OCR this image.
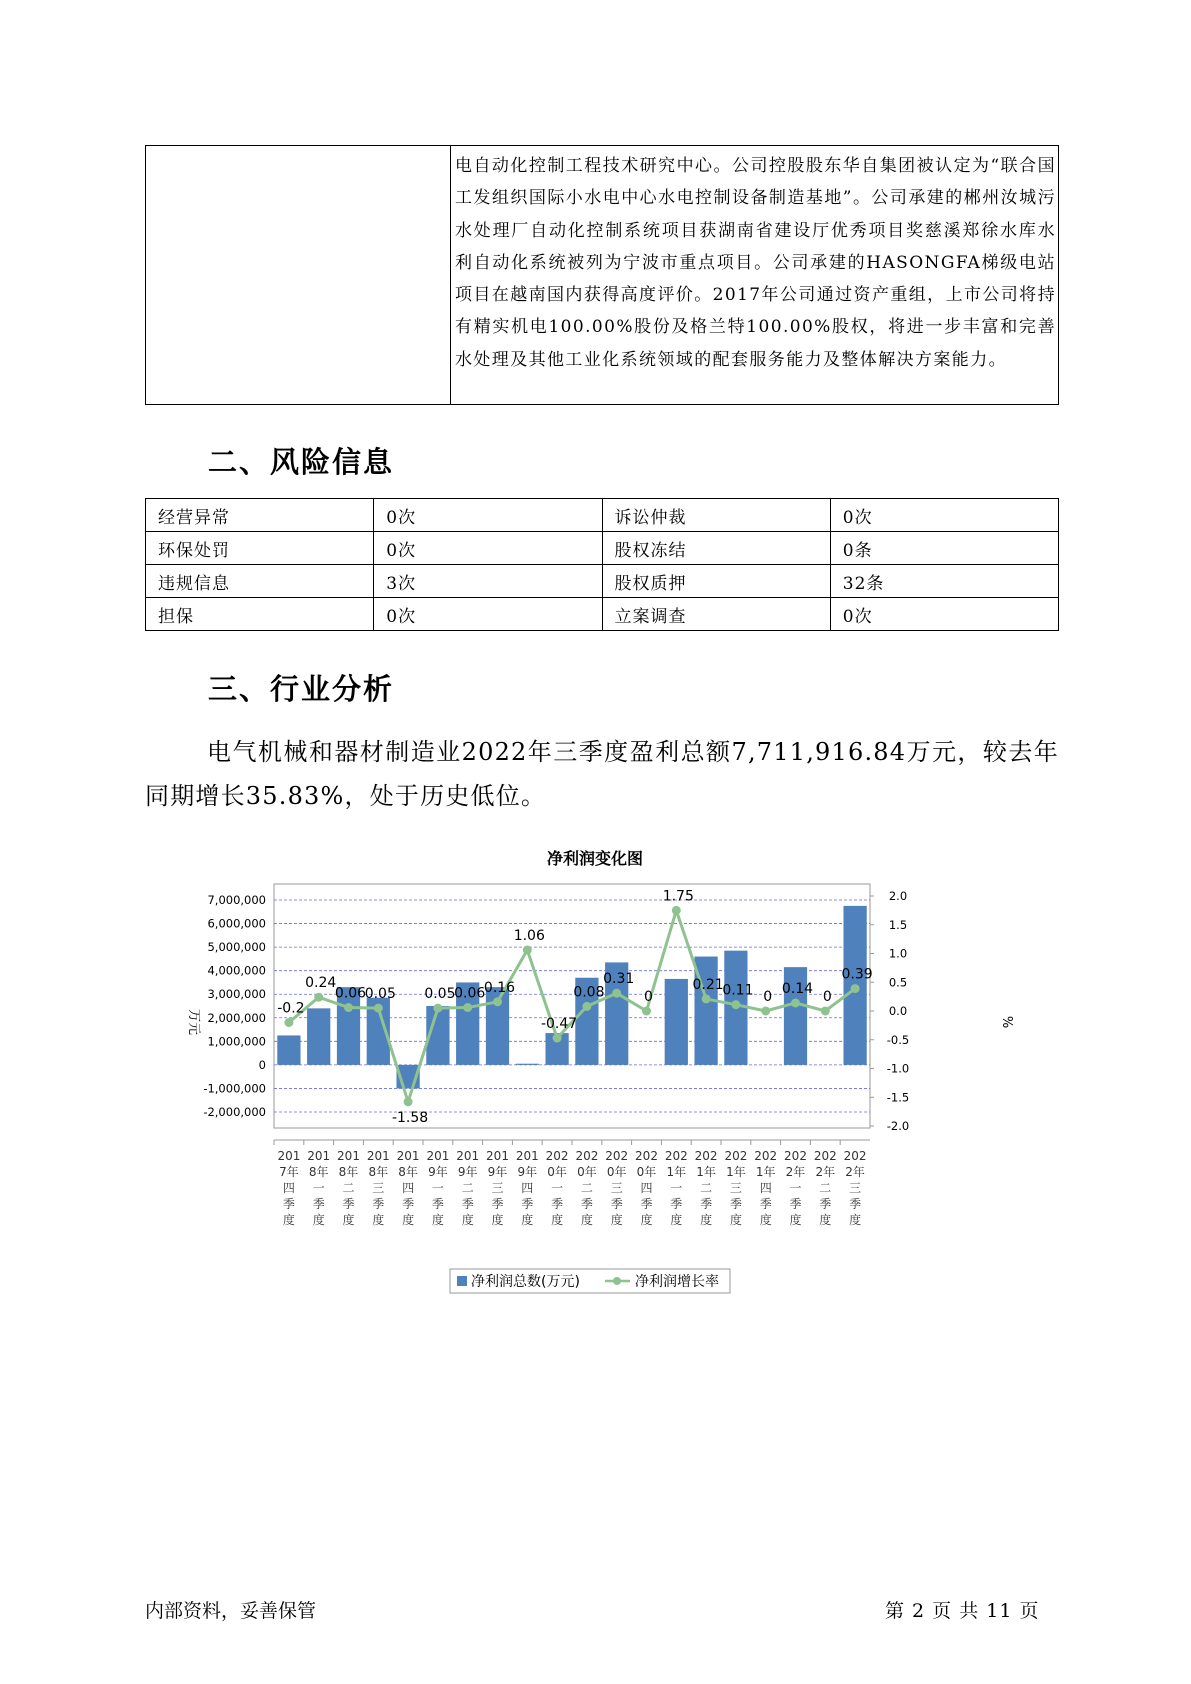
电自动化控制工程技术研究中心。公司控股股东华自集团被认定为“联合国工发组织国际小水电中心水电控制设备制造基地”。公司承建的郴州汝城污水处理厂自动化控制系统项目获湖南省建设厅优秀项目奖慈溪郑徐水库水利自动化系统被列为宁波市重点项目。公司承建的HASONGFA梯级电站项目在越南国内获得高度评价。2017年公司通过资产重组，上市公司将持有精实机电100.00%股份及格兰特100.00%股权，将进一步丰富和完善水处理及其他工业化系统领域的配套服务能力及整体解决方案能力。
二、风险信息
经营异常	0次	诉讼仲裁	0次
环保处罚	0次	股权冻结	0条
违规信息	3次	股权质押	32条
担保	0次	立案调查	0次
三、行业分析
电气机械和器材制造业2022年三季度盈利总额7,711,916.84万元，较去年同期增长35.83%，处于历史低位。
净利润变化图
-0.2
0.24
0.06
0.05
-1.58
0.05
0.06
0.16
1.06
-0.47
0.08
0.31
0
1.75
0.21
0.11 0
0.14
0
0.39
7,000,000
6,000,000
5,000,000
4,000,000
3,000,000
2,000,000
1,000,000
0
-1,000,000
-2,000,000
2.0
1.5
1.0
0.5
0.0
-0.5
-1.0
-1.5
-2.0
201
7年
四
季
度
201
8年
一
季
度
201
8年
二
季
度
201
8年
三
季
度
201
8年
四
季
度
201
9年
一
季
度
201
9年
二
季
度
201
9年
三
季
度
201
9年
四
季
度
202
0年
一
季
度
202
0年
二
季
度
202
0年
三
季
度
202
0年
四
季
度
202
1年
一
季
度
202
1年
二
季
度
202
1年
三
季
度
202
1年
四
季
度
202
2年
一
季
度
202
2年
二
季
度
202
2年
三
季
度
万元	%
净利润总数(万元)	净利润增长率
内部资料，妥善保管	第 2 页 共 11 页
